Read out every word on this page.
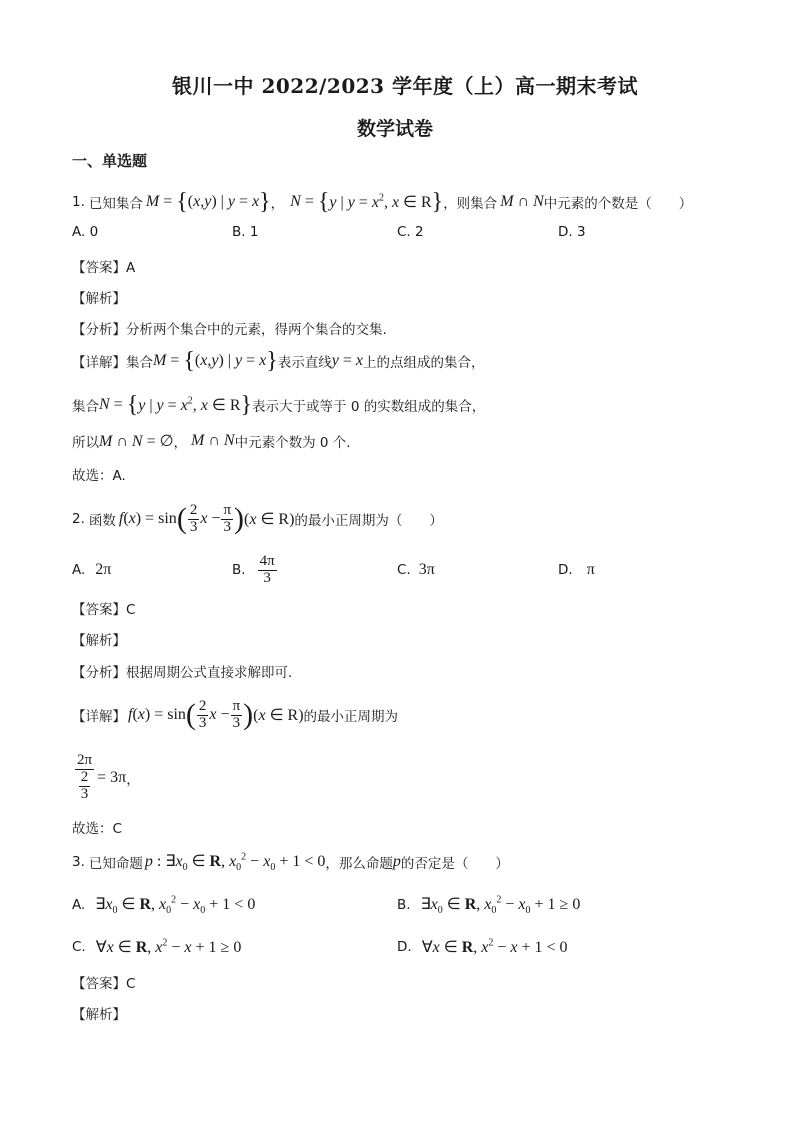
银川一中 2022/2023 学年度（上）高一期末考试
数学试卷
一、单选题
1. 已知集合 M = { (x,y) | y = x } ， N = { y | $y = x^2$, x ∈ R } ，则集合 M ∩ N 中元素的个数是（　　）
A. 0	B. 1	C. 2	D. 3
【答案】A
【解析】
【分析】分析两个集合中的元素，得两个集合的交集.
【详解】 集合 M = { (x,y) | y = x } 表示直线 y = x 上的点组成的集合，
集合 N = { y | $y = x^2$, x ∈ R } 表示大于或等于 0 的实数组成的集合，
所以 M ∩ N = ∅ ， M ∩ N 中元素个数为 0 个.
故选：A.
2. 函数 f(x) = sin ( $\frac{2}{3}$ $x - \frac{\pi}{3}$ ) (x ∈ R) 的最小正周期为（　　）
A. 2π	B. $\frac{4\pi}{3}$	C. 3π	D. π
【答案】C
【解析】
【分析】根据周期公式直接求解即可.
【详解】 f(x) = sin ( $\frac{2}{3}$ $x - \frac{\pi}{3}$ ) (x ∈ R) 的最小正周期为
2π
2
3 = 3π ，
故选：C
3. 已知命题 p : $\exists x_0$ ∈ R, $x_0^2 - x_0 + 1 < 0$ ，那么命题 p 的否定是（　　）
A. $\exists x_0$ ∈ R, $x_0^2 - x_0 + 1 < 0$	B. $\exists x_0$ ∈ R, $x_0^2 - x_0 + 1 \ge 0$
C. ∀x ∈ R, $x^2 - x + 1 \ge 0$	D. ∀x ∈ R, $x^2 - x + 1 < 0$
【答案】C
【解析】
